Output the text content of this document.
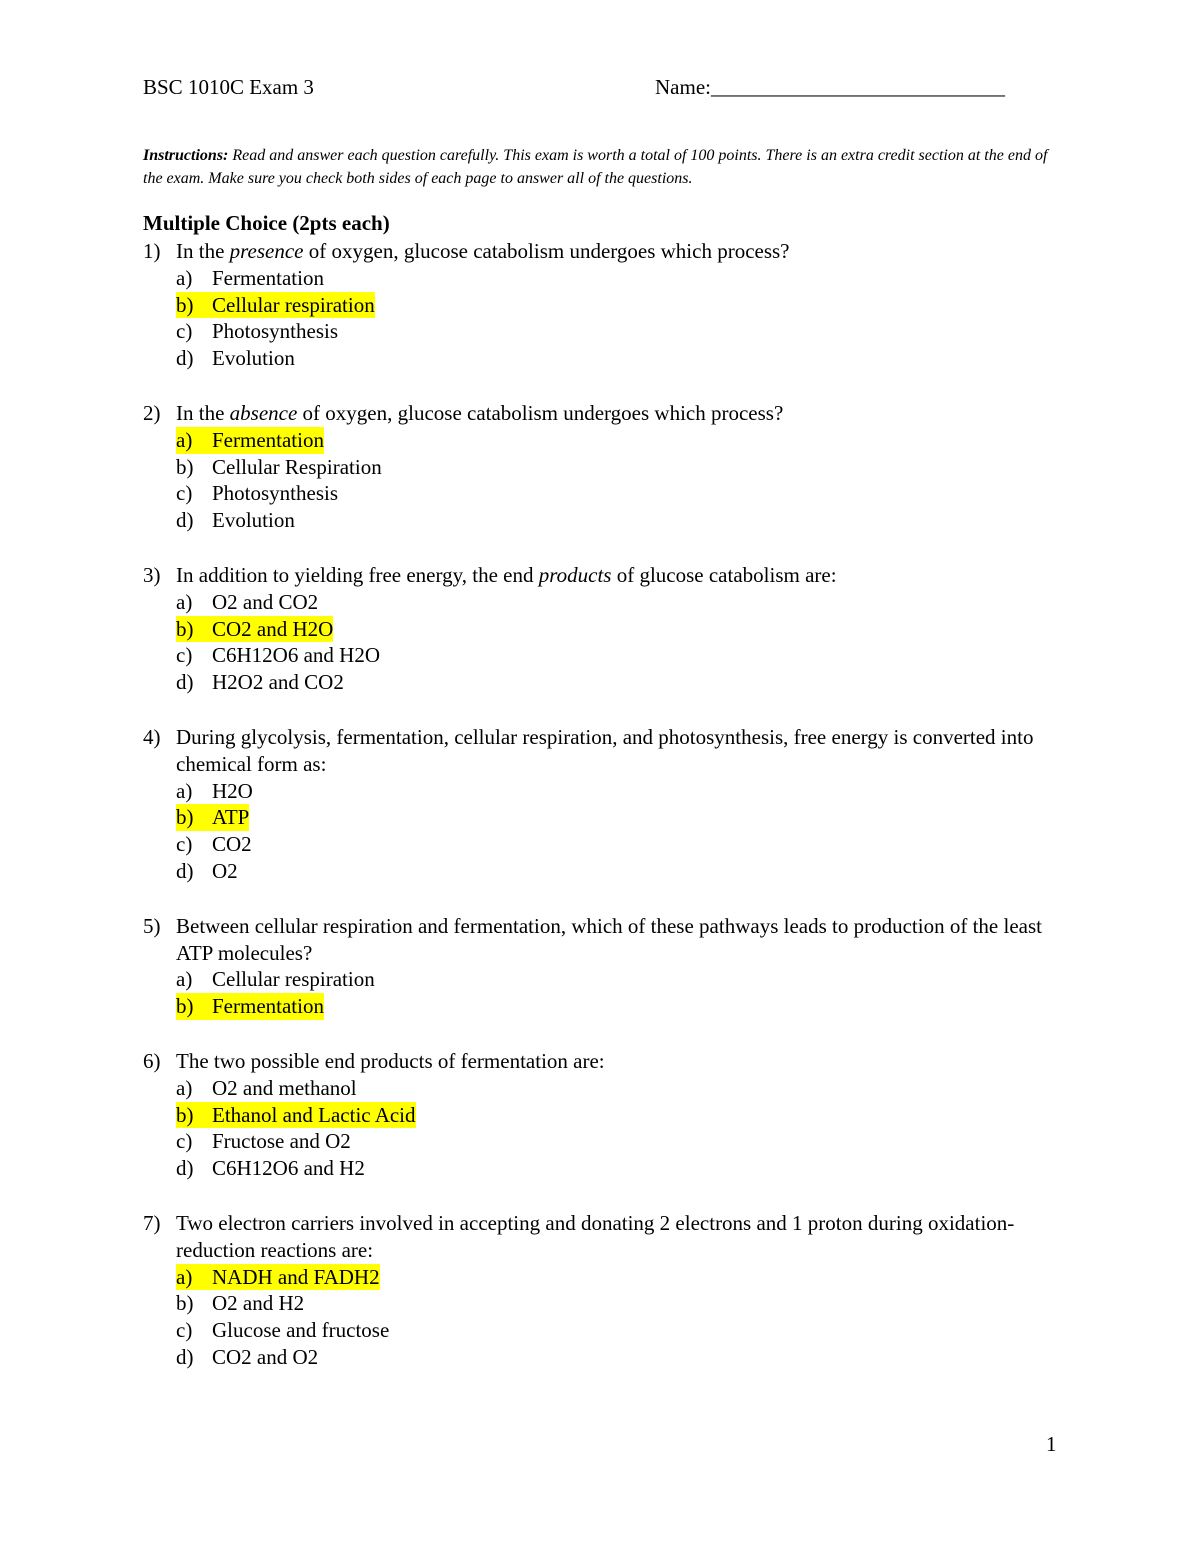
BSC 1010C Exam 3	Name:____________________________
Instructions: Read and answer each question carefully. This exam is worth a total of 100 points. There is an extra credit section at the end of the exam. Make sure you check both sides of each page to answer all of the questions.
Multiple Choice (2pts each)
1) In the presence of oxygen, glucose catabolism undergoes which process?
a) Fermentation
b) Cellular respiration
c) Photosynthesis
d) Evolution
2) In the absence of oxygen, glucose catabolism undergoes which process?
a) Fermentation
b) Cellular Respiration
c) Photosynthesis
d) Evolution
3) In addition to yielding free energy, the end products of glucose catabolism are:
a) O2 and CO2
b) CO2 and H2O
c) C6H12O6 and H2O
d) H2O2 and CO2
4) During glycolysis, fermentation, cellular respiration, and photosynthesis, free energy is converted into chemical form as:
a) H2O
b) ATP
c) CO2
d) O2
5) Between cellular respiration and fermentation, which of these pathways leads to production of the least ATP molecules?
a) Cellular respiration
b) Fermentation
6) The two possible end products of fermentation are:
a) O2 and methanol
b) Ethanol and Lactic Acid
c) Fructose and O2
d) C6H12O6 and H2
7) Two electron carriers involved in accepting and donating 2 electrons and 1 proton during oxidation-reduction reactions are:
a) NADH and FADH2
b) O2 and H2
c) Glucose and fructose
d) CO2 and O2
1
